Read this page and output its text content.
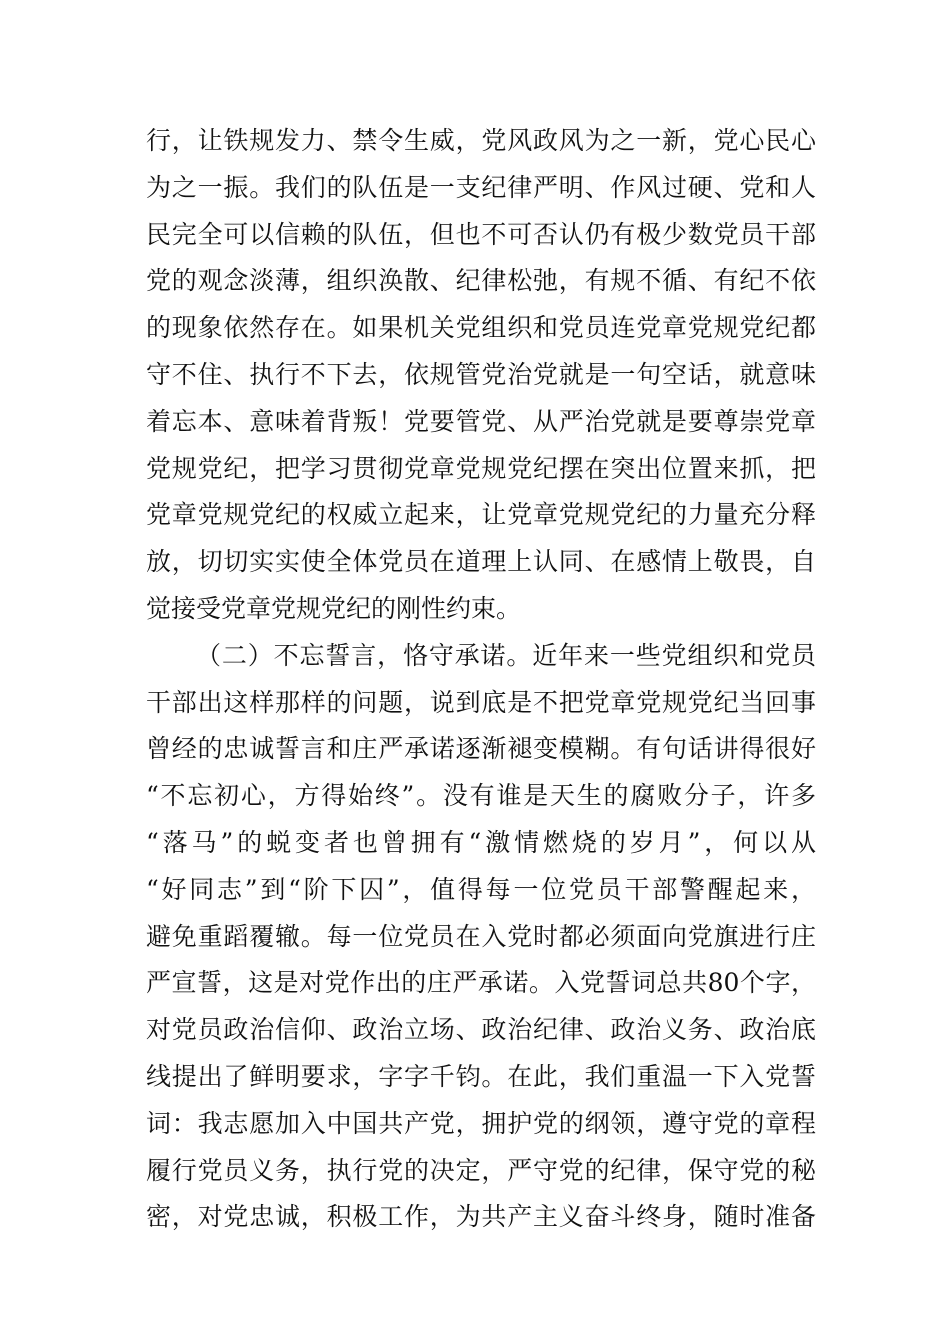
行，让铁规发力、禁令生威，党风政风为之一新，党心民心
为之一振。我们的队伍是一支纪律严明、作风过硬、党和人
民完全可以信赖的队伍，但也不可否认仍有极少数党员干部
党的观念淡薄，组织涣散、纪律松弛，有规不循、有纪不依
的现象依然存在。如果机关党组织和党员连党章党规党纪都
守不住、执行不下去，依规管党治党就是一句空话，就意味
着忘本、意味着背叛！党要管党、从严治党就是要尊崇党章
党规党纪，把学习贯彻党章党规党纪摆在突出位置来抓，把
党章党规党纪的权威立起来，让党章党规党纪的力量充分释
放，切切实实使全体党员在道理上认同、在感情上敬畏，自
觉接受党章党规党纪的刚性约束。
（二）不忘誓言，恪守承诺。近年来一些党组织和党员
干部出这样那样的问题，说到底是不把党章党规党纪当回事
曾经的忠诚誓言和庄严承诺逐渐褪变模糊。有句话讲得很好
“不忘初心，方得始终”。没有谁是天生的腐败分子，许多
“落马”的蜕变者也曾拥有“激情燃烧的岁月”，何以从
“好同志”到“阶下囚”，值得每一位党员干部警醒起来，
避免重蹈覆辙。每一位党员在入党时都必须面向党旗进行庄
严宣誓，这是对党作出的庄严承诺。入党誓词总共80个字，
对党员政治信仰、政治立场、政治纪律、政治义务、政治底
线提出了鲜明要求，字字千钧。在此，我们重温一下入党誓
词：我志愿加入中国共产党，拥护党的纲领，遵守党的章程
履行党员义务，执行党的决定，严守党的纪律，保守党的秘
密，对党忠诚，积极工作，为共产主义奋斗终身，随时准备
